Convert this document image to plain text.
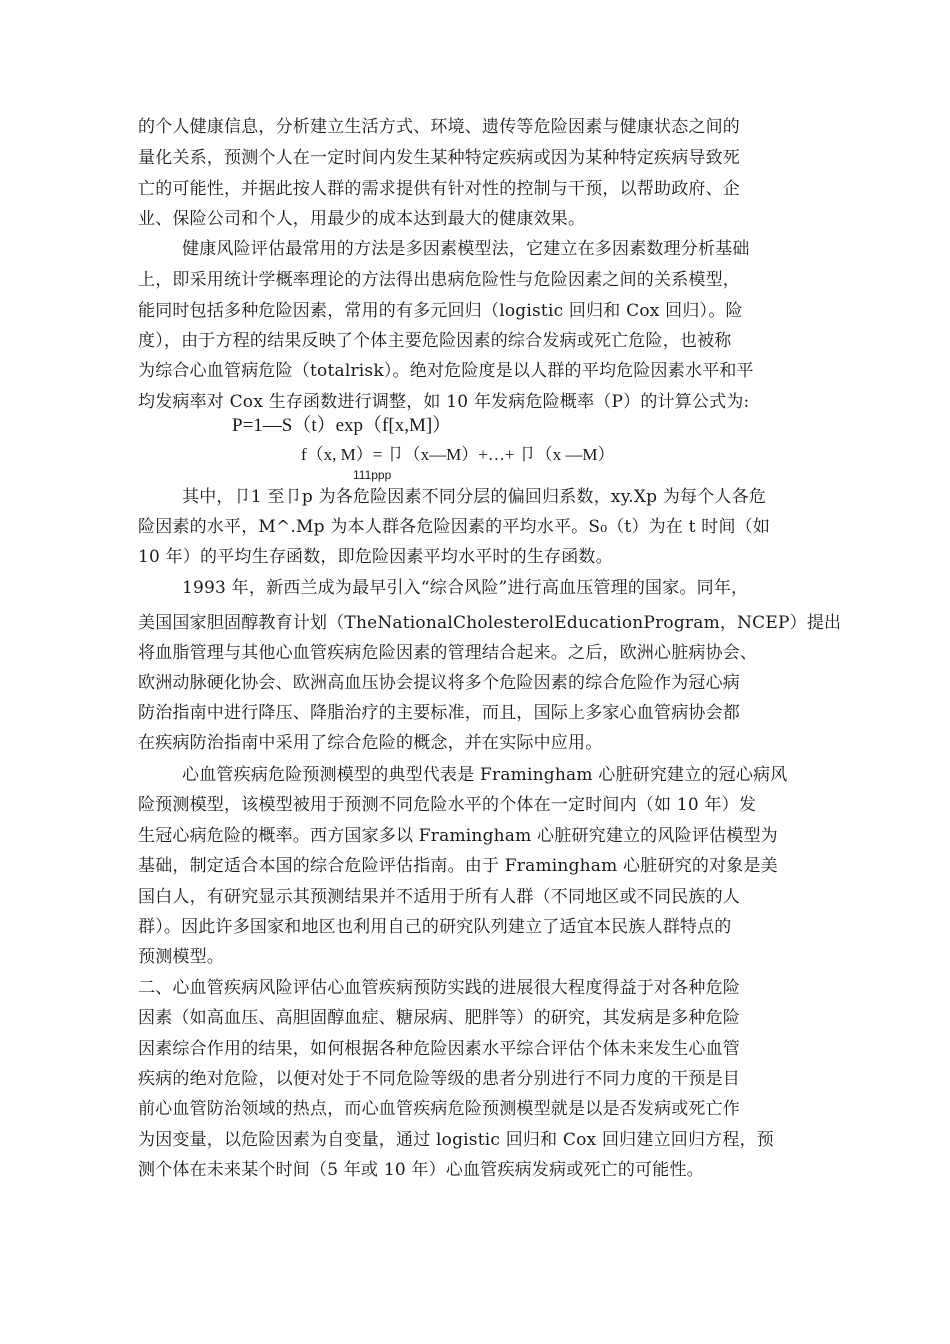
的个人健康信息，分析建立生活方式、环境、遗传等危险因素与健康状态之间的
量化关系，预测个人在一定时间内发生某种特定疾病或因为某种特定疾病导致死
亡的可能性，并据此按人群的需求提供有针对性的控制与干预，以帮助政府、企
业、保险公司和个人，用最少的成本达到最大的健康效果。
健康风险评估最常用的方法是多因素模型法，它建立在多因素数理分析基础
上，即采用统计学概率理论的方法得出患病危险性与危险因素之间的关系模型，
能同时包括多种危险因素，常用的有多元回归（logistic 回归和 Cox 回归）。险
度），由于方程的结果反映了个体主要危险因素的综合发病或死亡危险，也被称
为综合心血管病危险（totalrisk）。绝对危险度是以人群的平均危险因素水平和平
均发病率对 Cox 生存函数进行调整，如 10 年发病危险概率（P）的计算公式为:
P=1—S（t）exp（f[x,M]）
f（x, M）= 卩（x—M）+…+ 卩（x —M）
111ppp
其中，卩1 至卩p 为各危险因素不同分层的偏回归系数，xy.Xp 为每个人各危
险因素的水平，M^.Mp 为本人群各危险因素的平均水平。S₀（t）为在 t 时间（如
10 年）的平均生存函数，即危险因素平均水平时的生存函数。
1993 年，新西兰成为最早引入“综合风险”进行高血压管理的国家。同年，
美国国家胆固醇教育计划（TheNationalCholesterolEducationProgram，NCEP）提出
将血脂管理与其他心血管疾病危险因素的管理结合起来。之后，欧洲心脏病协会、
欧洲动脉硬化协会、欧洲高血压协会提议将多个危险因素的综合危险作为冠心病
防治指南中进行降压、降脂治疗的主要标准，而且，国际上多家心血管病协会都
在疾病防治指南中采用了综合危险的概念，并在实际中应用。
心血管疾病危险预测模型的典型代表是 Framingham 心脏研究建立的冠心病风
险预测模型，该模型被用于预测不同危险水平的个体在一定时间内（如 10 年）发
生冠心病危险的概率。西方国家多以 Framingham 心脏研究建立的风险评估模型为
基础，制定适合本国的综合危险评估指南。由于 Framingham 心脏研究的对象是美
国白人，有研究显示其预测结果并不适用于所有人群（不同地区或不同民族的人
群）。因此许多国家和地区也利用自己的研究队列建立了适宜本民族人群特点的
预测模型。
二、心血管疾病风险评估心血管疾病预防实践的进展很大程度得益于对各种危险
因素（如高血压、高胆固醇血症、糖尿病、肥胖等）的研究，其发病是多种危险
因素综合作用的结果，如何根据各种危险因素水平综合评估个体未来发生心血管
疾病的绝对危险，以便对处于不同危险等级的患者分别进行不同力度的干预是目
前心血管防治领域的热点，而心血管疾病危险预测模型就是以是否发病或死亡作
为因变量，以危险因素为自变量，通过 logistic 回归和 Cox 回归建立回归方程，预
测个体在未来某个时间（5 年或 10 年）心血管疾病发病或死亡的可能性。
